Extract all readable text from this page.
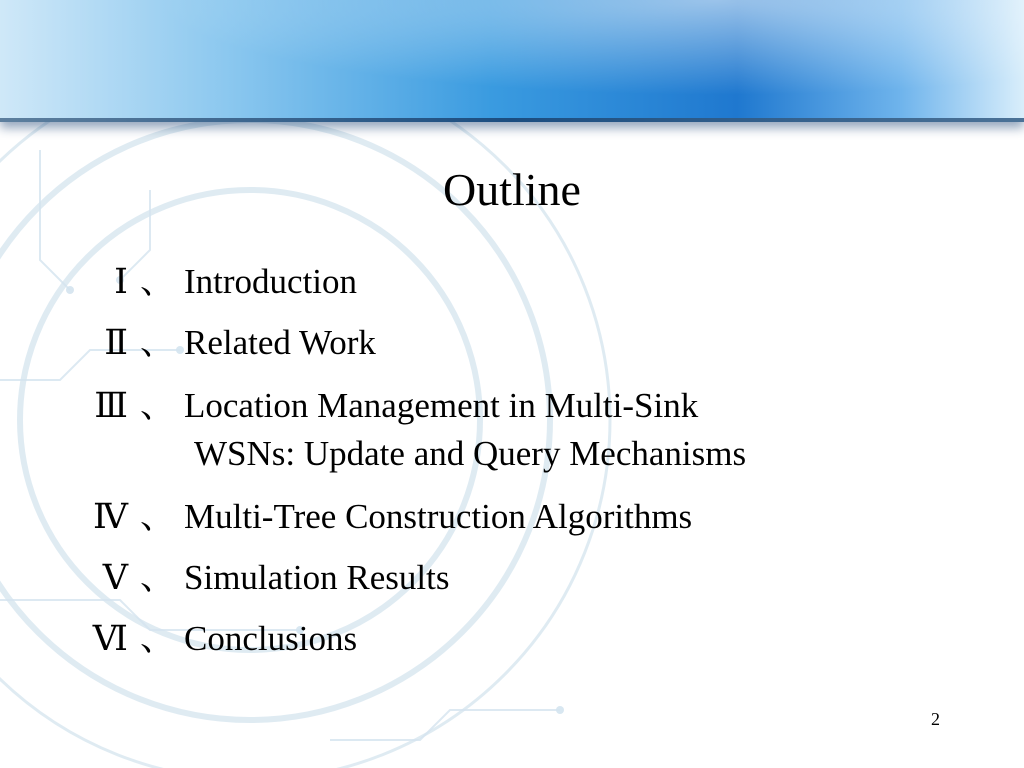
Outline
Ⅰ 、 Introduction
Ⅱ 、 Related Work
Ⅲ 、 Location Management in Multi-Sink
WSNs: Update and Query Mechanisms
Ⅳ 、 Multi-Tree Construction Algorithms
Ⅴ 、 Simulation Results
Ⅵ 、 Conclusions
2
